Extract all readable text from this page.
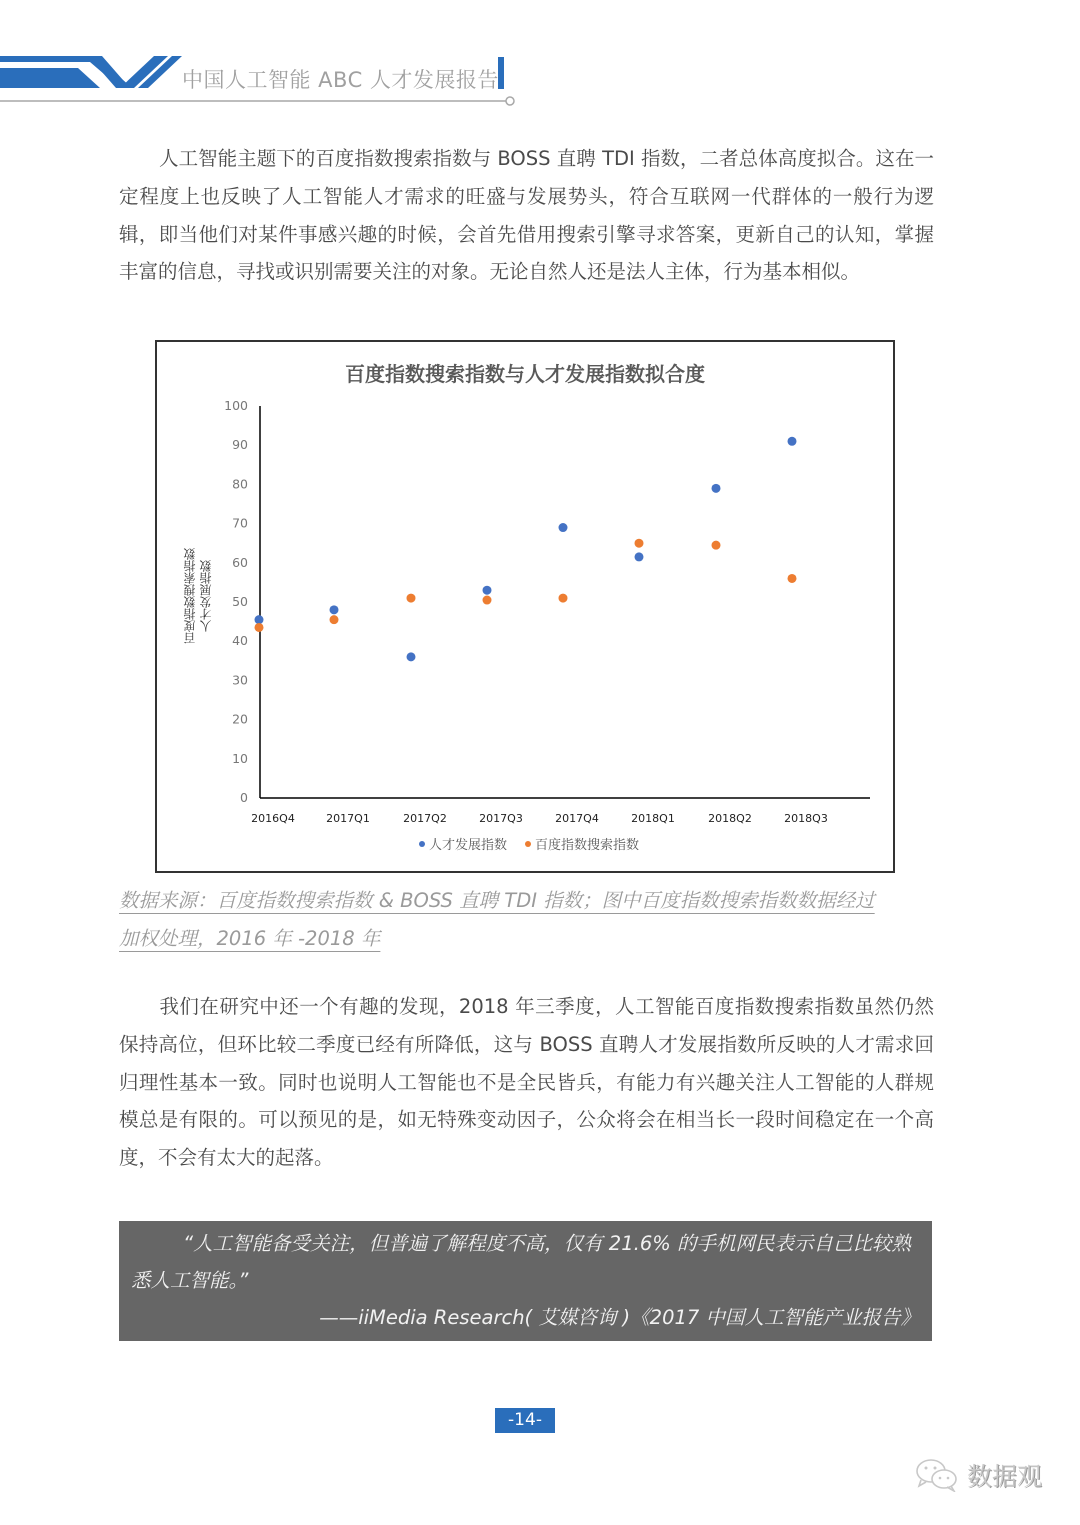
中国人工智能 ABC 人才发展报告
人工智能主题下的百度指数搜索指数与 BOSS 直聘 TDI 指数，二者总体高度拟合。这在一定程度上也反映了人工智能人才需求的旺盛与发展势头，符合互联网一代群体的一般行为逻辑，即当他们对某件事感兴趣的时候，会首先借用搜索引擎寻求答案，更新自己的认知，掌握丰富的信息，寻找或识别需要关注的对象。无论自然人还是法人主体，行为基本相似。
百度指数搜索指数与人才发展指数拟合度
0
10
20
30
40
50
60
70
80
90
100
2016Q4	2017Q1	2017Q2	2017Q3	2017Q4	2018Q1	2018Q2	2018Q3
百度指数搜索指数 人才发展指数
人才发展指数 百度指数搜索指数
数据来源：百度指数搜索指数 & BOSS 直聘 TDI 指数；图中百度指数搜索指数数据经过
加权处理，2016 年 -2018 年
我们在研究中还一个有趣的发现，2018 年三季度，人工智能百度指数搜索指数虽然仍然保持高位，但环比较二季度已经有所降低，这与 BOSS 直聘人才发展指数所反映的人才需求回归理性基本一致。同时也说明人工智能也不是全民皆兵，有能力有兴趣关注人工智能的人群规模总是有限的。可以预见的是，如无特殊变动因子，公众将会在相当长一段时间稳定在一个高度，不会有太大的起落。
“人工智能备受关注，但普遍了解程度不高，仅有 21.6% 的手机网民表示自己比较熟悉人工智能。”
——iiMedia Research( 艾媒咨询 )《2017 中国人工智能产业报告》
-14-
数据观
